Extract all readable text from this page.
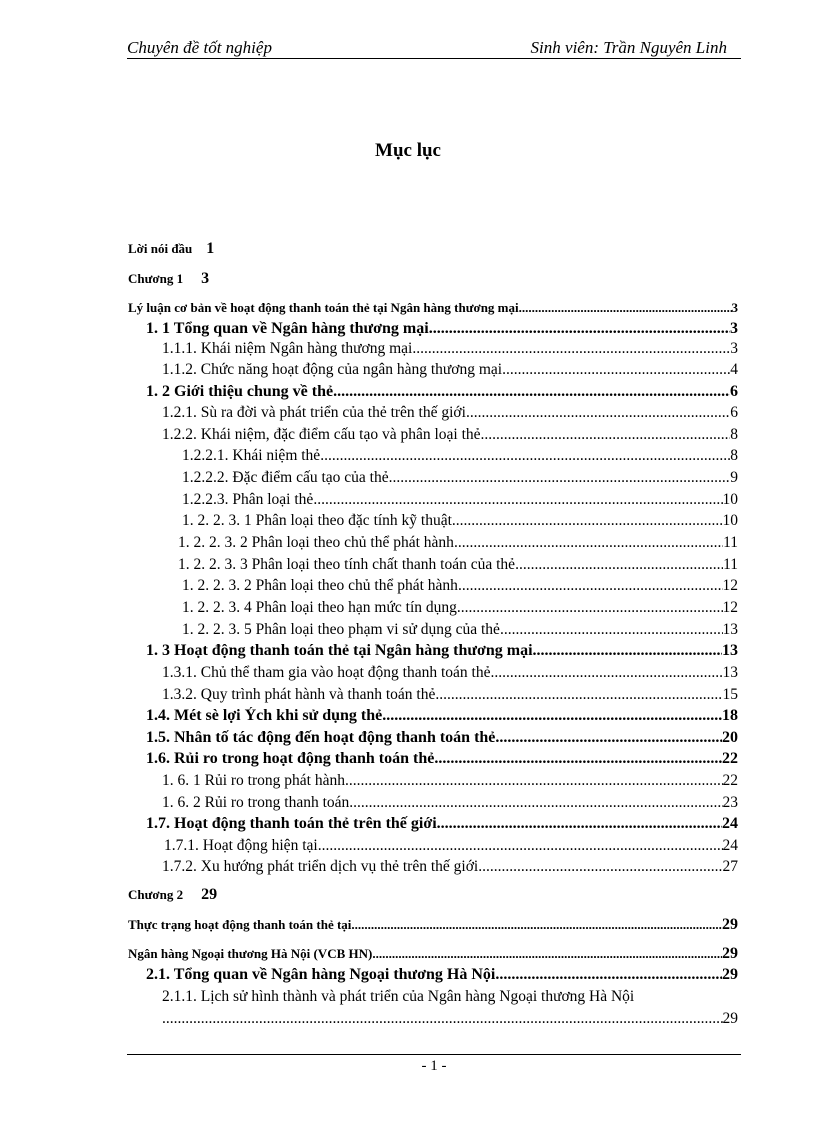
Chuyên đề tốt nghiệp	Sinh viên: Trần Nguyên Linh
Mục lục
Lời nói đầu 1
Chương 1 3
Lý luận cơ bản về hoạt động thanh toán thẻ tại Ngân hàng thương mại .....	3
1. 1 Tổng quan về Ngân hàng thương mại .....	3
1.1.1. Khái niệm Ngân hàng thương mại .....	3
1.1.2. Chức năng hoạt động của ngân hàng thương mại .....	4
1. 2 Giới thiệu chung về thẻ .....	6
1.2.1. Sù ra đời và phát triển của thẻ trên thế giới .....	6
1.2.2. Khái niệm, đặc điểm cấu tạo và phân loại thẻ .....	8
1.2.2.1. Khái niệm thẻ .....	8
1.2.2.2. Đặc điểm cấu tạo của thẻ .....	9
1.2.2.3. Phân loại thẻ .....	10
1. 2. 2. 3. 1 Phân loại theo đặc tính kỹ thuật .....	10
1. 2. 2. 3. 2 Phân loại theo chủ thể phát hành .....	11
1. 2. 2. 3. 3 Phân loại theo tính chất thanh toán của thẻ .....	11
1. 2. 2. 3. 2 Phân loại theo chủ thể phát hành .....	12
1. 2. 2. 3. 4 Phân loại theo hạn mức tín dụng .....	12
1. 2. 2. 3. 5 Phân loại theo phạm vi sử dụng của thẻ .....	13
1. 3 Hoạt động thanh toán thẻ tại Ngân hàng thương mại .....	13
1.3.1. Chủ thể tham gia vào hoạt động thanh toán thẻ .....	13
1.3.2. Quy trình phát hành và thanh toán thẻ .....	15
1.4. Mét sè lợi Ých khi sử dụng thẻ .....	18
1.5. Nhân tố tác động đến hoạt động thanh toán thẻ .....	20
1.6. Rủi ro trong hoạt động thanh toán thẻ .....	22
1. 6. 1 Rủi ro trong phát hành .....	22
1. 6. 2 Rủi ro trong thanh toán .....	23
1.7. Hoạt động thanh toán thẻ trên thế giới .....	24
1.7.1. Hoạt động hiện tại .....	24
1.7.2. Xu hướng phát triển dịch vụ thẻ trên thế giới .....	27
Chương 2 29
Thực trạng hoạt động thanh toán thẻ tại .....	29
Ngân hàng Ngoại thương Hà Nội (VCB HN) .....	29
2.1. Tổng quan về Ngân hàng Ngoại thương Hà Nội .....	29
2.1.1. Lịch sử hình thành và phát triển của Ngân hàng Ngoại thương Hà Nội
.....
29
- 1 -
